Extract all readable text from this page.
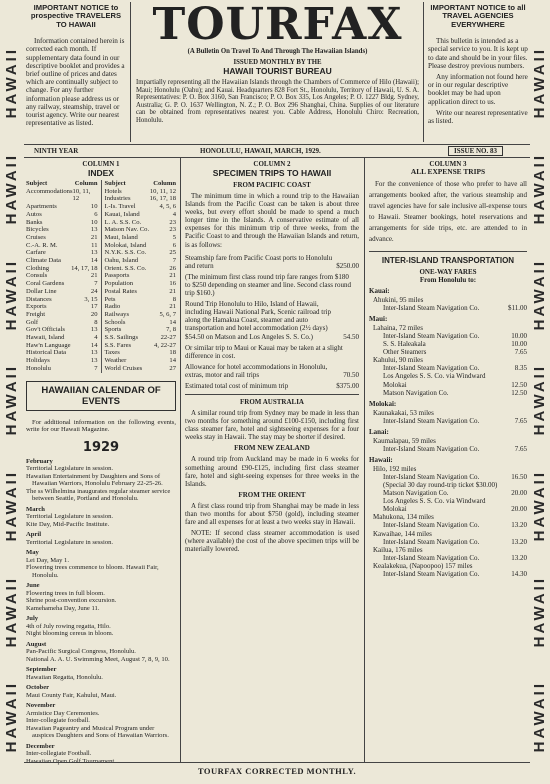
HAWAII
HAWAII
HAWAII
HAWAII
HAWAII
HAWAII
HAWAII
HAWAII
HAWAII
HAWAII
HAWAII
HAWAII
HAWAII
HAWAII
IMPORTANT NOTICE to prospective TRAVELERS TO HAWAII

Information contained herein is corrected each month. If supplementary data found in our descriptive booklet and provides a brief outline of prices and dates which are continually subject to change. For any further information please address us or any railway, steamship, travel or tourist agency. Write our nearest representative as listed.

TOURFAX
(A Bulletin On Travel To And Through The Hawaiian Islands)
ISSUED MONTHLY BY THE
HAWAII TOURIST BUREAU
Impartially representing all the Hawaiian Islands through the Chambers of Commerce of Hilo (Hawaii); Maui; Honolulu (Oahu); and Kauai. Headquarters 828 Fort St., Honolulu, Territory of Hawaii, U. S. A. Representatives: P. O. Box 3160, San Francisco; P. O. Box 335, Los Angeles; P. O. 1227 Bldg. Sydney, Australia; G. P. O. 1637 Wellington, N. Z.; P. O. Box 296 Shanghai, China. Supplies of our literature can be obtained from representatives nearest you. Cable Address, Honolulu Chiro: Recreation, Honolulu.
IMPORTANT NOTICE to all TRAVEL AGENCIES EVERYWHERE

This bulletin is intended as a special service to you. It is kept up to date and should be in your files. Please destroy previous numbers.

Any information not found here or in our regular descriptive booklet may be had upon application direct to us.

Write our nearest representative as listed.

NINTH YEAR	HONOLULU, HAWAII, MARCH, 1929.	ISSUE NO. 83
COLUMN 1
INDEX
Subject	Column
Accommodations 10, 11, 12
Apartments	10
Autos	6
Banks	10
Bicycles	13
Cruises	21
C.-A. R. M.	11
Carfare	13
Climate Data	14
Clothing	14, 17, 18
Consuls	21
Coral Gardens	7
Dollar Line	24
Distances	3, 15
Exports	17
Freight	20
Golf	8
Gov't Officials	13
Hawaii, Island	4
Haw'n Language	14
Historical Data	13
Holidays	13
Honolulu	7
Subject	Column
Hotels	10, 11, 12
Industries	16, 17, 18
I.-Is. Travel	4, 5, 6
Kauai, Island	4
L. A. S.S. Co.	23
Matson Nav. Co.	23
Maui, Island	5
Molokai, Island	6
N.Y.K. S.S. Co.	25
Oahu, Island	7
Orient. S.S. Co.	26
Passports	21
Population	16
Postal Rates	21
Pets	8
Radio	21
Railways	5, 6, 7
Schools	14
Sports	7, 8
S.S. Sailings	22-27
S.S. Fares	4, 22-27
Taxes	18
Weather	14
World Cruises	27
HAWAIIAN CALENDAR OF EVENTS
For additional information on the following events, write for our Hawaii Magazine.
1929
February
Territorial Legislature in session.
Hawaiian Entertainment by Daughters and Sons of Hawaiian Warriors, Honolulu February 22-25-26.
The ss Wilhelmina inaugurates regular steamer service between Seattle, Portland and Honolulu.
March
Territorial Legislature in session.
Kite Day, Mid-Pacific Institute.
April
Territorial Legislature in session.
May
Lei Day, May 1.
Flowering trees commence to bloom. Hawaii Fair, Honolulu.
June
Flowering trees in full bloom.
Shrine post-convention excursion.
Kamehameha Day, June 11.
July
4th of July rowing regatta, Hilo.
Night blooming cereus in bloom.
August
Pan-Pacific Surgical Congress, Honolulu.
National A. A. U. Swimming Meet, August 7, 8, 9, 10.
September
Hawaiian Regatta, Honolulu.
October
Maui County Fair, Kahului, Maui.
November
Armistice Day Ceremonies.
Inter-collegiate football.
Hawaiian Pageantry and Musical Program under auspices Daughters and Sons of Hawaiian Warriors.
December
Inter-collegiate Football.
COLUMN 2
SPECIMEN TRIPS TO HAWAII
FROM PACIFIC COAST

The minimum time in which a round trip to the Hawaiian Islands from the Pacific Coast can be taken is about three weeks, but every effort should be made to spend a much longer time in the Islands. A conservative estimate of all expenses for this minimum trip of three weeks, from the Pacific Coast to and through the Hawaiian Islands and return, is as follows:

Steamship fare from Pacific Coast ports to Honolulu and return	$250.00
(The minimum first class round trip fare ranges from $180 to $250 depending on steamer and line. Second class round trip $160.)
Round Trip Honolulu to Hilo, Island of Hawaii, including Hawaii National Park, Scenic railroad trip along the Hamakua Coast, steamer and auto transportation and hotel accommodation (2½ days) $54.50 on Matson and Los Angeles S. S. Co.)	54.50
Or similar trip to Maui or Kauai may be taken at a slight difference in cost.
Allowance for hotel accommodations in Honolulu, extras, motor and rail trips	70.50
Estimated total cost of minimum trip	$375.00
FROM AUSTRALIA

A similar round trip from Sydney may be made in less than two months for something around £100-£150, including first class steamer fare, hotel and sightseeing expenses for a four weeks stay in Hawaii. The stay may be shorter if desired.

FROM NEW ZEALAND

A round trip from Auckland may be made in 6 weeks for something around £90-£125, including first class steamer fare, hotel and sight-seeing expenses for three weeks in the Islands.

FROM THE ORIENT

A first class round trip from Shanghai may be made in less than two months for about $750 (gold), including steamer fare and all expenses for at least a two weeks stay in Hawaii.

NOTE: If second class steamer accommodation is used (where available) the cost of the above specimen trips will be materially lowered.

COLUMN 3
ALL EXPENSE TRIPS

For the convenience of those who prefer to have all arrangements booked after, the various steamship and travel agencies have for sale inclusive all-expense tours to Hawaii. Steamer bookings, hotel reservations and arrangements for side trips, etc. are attended to in advance.

INTER-ISLAND TRANSPORTATION
ONE-WAY FARES
From Honolulu to:
Kauai:
Ahukini, 95 miles
Inter-Island Steam Navigation Co.	$11.00
Maui:
Lahaina, 72 miles
Inter-Island Steam Navigation Co.	10.00
S. S. Haleakala	10.00
Other Steamers	7.65
Kahului, 90 miles
Inter-Island Steam Navigation Co.	8.35
Los Angeles S. S. Co. via Windward Molokai	12.50
Matson Navigation Co.	12.50
Molokai:
Kaunakakai, 53 miles
Inter-Island Steam Navigation Co.	7.65
Lanai:
Kaumalapau, 59 miles
Inter-Island Steam Navigation Co.	7.65
Hawaii:
Hilo, 192 miles
Inter-Island Steam Navigation Co.	16.50
(Special 30 day round-trip ticket $30.00)
Matson Navigation Co.	20.00
Los Angeles S. S. Co. via Windward Molokai	20.00
Mahukona, 134 miles
Inter-Island Steam Navigation Co.	13.20
Kawaihae, 144 miles
Inter-Island Steam Navigation Co.	13.20
Kailua, 176 miles
Inter-Island Steam Navigation Co.	13.20
Kealakekua, (Napoopoo) 157 miles
Inter-Island Steam Navigation Co.	14.30
TOURFAX CORRECTED MONTHLY.
